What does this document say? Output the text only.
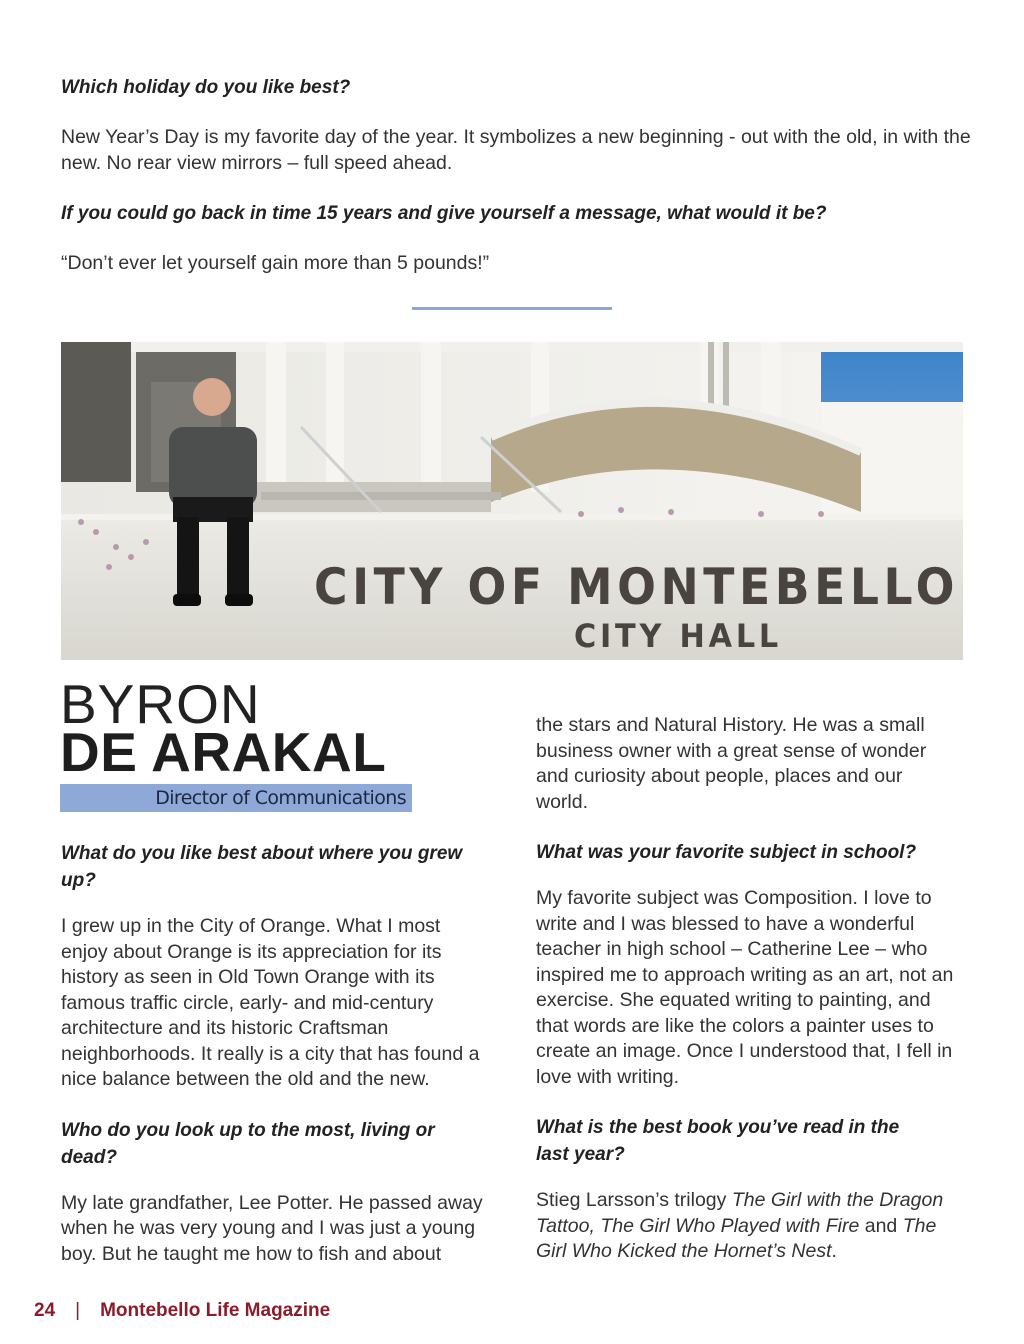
Which holiday do you like best?

New Year’s Day is my favorite day of the year. It symbolizes a new beginning - out with the old, in with the new. No rear view mirrors – full speed ahead.

If you could go back in time 15 years and give yourself a message, what would it be?

“Don’t ever let yourself gain more than 5 pounds!”

CITY OF MONTEBELLO
CITY HALL
BYRON
DE ARAKAL
Director of Communications

What do you like best about where you grew up?

I grew up in the City of Orange. What I most enjoy about Orange is its appreciation for its history as seen in Old Town Orange with its famous traffic circle, early- and mid-century architecture and its historic Craftsman neighborhoods. It really is a city that has found a nice balance between the old and the new.

Who do you look up to the most, living or dead?

My late grandfather, Lee Potter. He passed away when he was very young and I was just a young boy. But he taught me how to fish and about

the stars and Natural History. He was a small business owner with a great sense of wonder and curiosity about people, places and our world.

What was your favorite subject in school?

My favorite subject was Composition. I love to write and I was blessed to have a wonderful teacher in high school – Catherine Lee – who inspired me to approach writing as an art, not an exercise. She equated writing to painting, and that words are like the colors a painter uses to create an image. Once I understood that, I fell in love with writing.

What is the best book you’ve read in the last year?

Stieg Larsson’s trilogy The Girl with the Dragon Tattoo, The Girl Who Played with Fire and The Girl Who Kicked the Hornet’s Nest.

24 | Montebello Life Magazine
